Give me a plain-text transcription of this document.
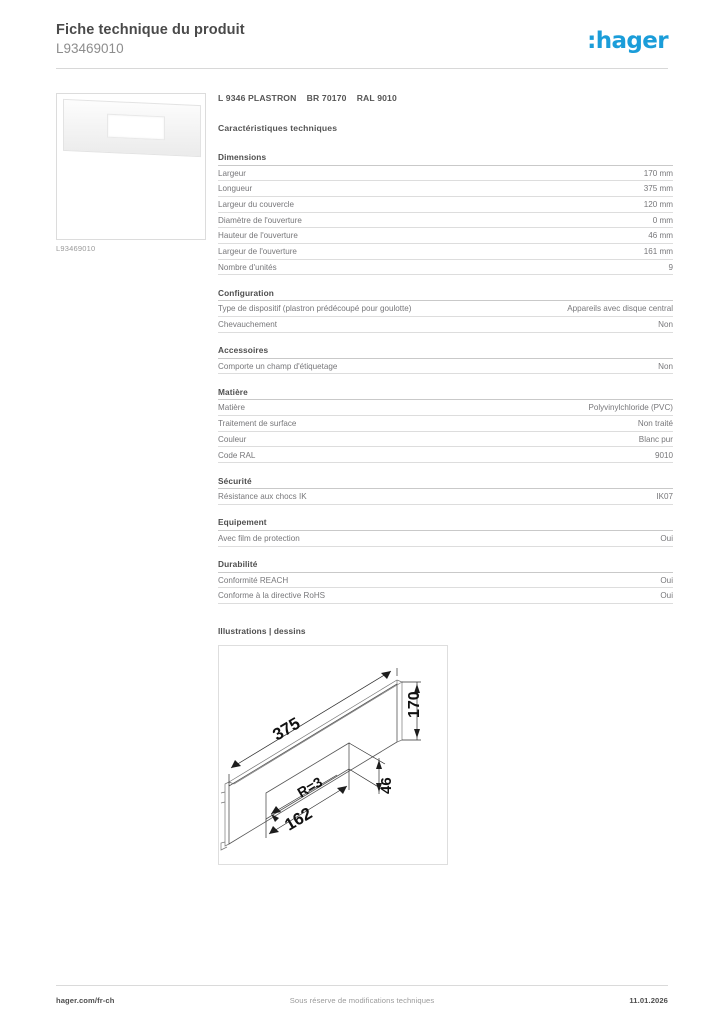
Fiche technique du produit
L93469010	:hager
L93469010
L 9346 PLASTRON    BR 70170    RAL 9010
Caractéristiques techniques
Dimensions
Largeur	170 mm
Longueur	375 mm
Largeur du couvercle	120 mm
Diamètre de l'ouverture	0 mm
Hauteur de l'ouverture	46 mm
Largeur de l'ouverture	161 mm
Nombre d'unités	9
Configuration
Type de dispositif (plastron prédécoupé pour goulotte)	Appareils avec disque central
Chevauchement	Non
Accessoires
Comporte un champ d'étiquetage	Non
Matière
Matière	Polyvinylchloride (PVC)
Traitement de surface	Non traité
Couleur	Blanc pur
Code RAL	9010
Sécurité
Résistance aux chocs IK	IK07
Equipement
Avec film de protection	Oui
Durabilité
Conformité REACH	Oui
Conforme à la directive RoHS	Oui
Illustrations | dessins
375
170
162
46
R=3
hager.com/fr-ch	Sous réserve de modifications techniques	11.01.2026
